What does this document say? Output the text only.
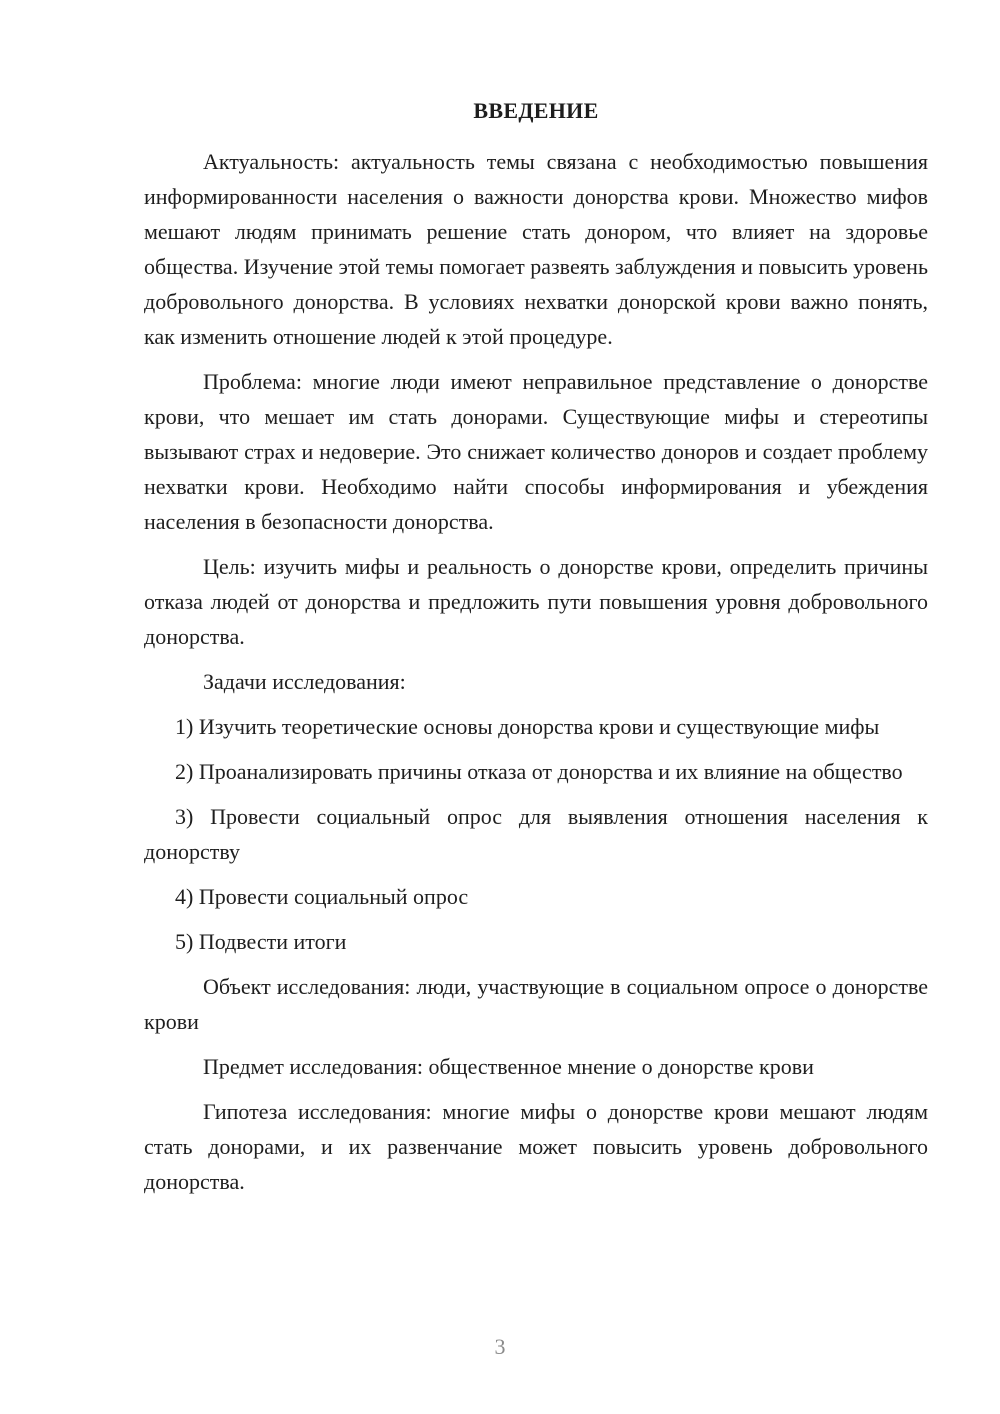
ВВЕДЕНИЕ

Актуальность: актуальность темы связана с необходимостью повышения информированности населения о важности донорства крови. Множество мифов мешают людям принимать решение стать донором, что влияет на здоровье общества. Изучение этой темы помогает развеять заблуждения и повысить уровень добровольного донорства. В условиях нехватки донорской крови важно понять, как изменить отношение людей к этой процедуре.

Проблема: многие люди имеют неправильное представление о донорстве крови, что мешает им стать донорами. Существующие мифы и стереотипы вызывают страх и недоверие. Это снижает количество доноров и создает проблему нехватки крови. Необходимо найти способы информирования и убеждения населения в безопасности донорства.

Цель: изучить мифы и реальность о донорстве крови, определить причины отказа людей от донорства и предложить пути повышения уровня добровольного донорства.

Задачи исследования:

1) Изучить теоретические основы донорства крови и существующие мифы

2) Проанализировать причины отказа от донорства и их влияние на общество

3) Провести социальный опрос для выявления отношения населения к донорству

4) Провести социальный опрос

5) Подвести итоги

Объект исследования: люди, участвующие в социальном опросе о донорстве крови

Предмет исследования: общественное мнение о донорстве крови

Гипотеза исследования: многие мифы о донорстве крови мешают людям стать донорами, и их развенчание может повысить уровень добровольного донорства.

3
